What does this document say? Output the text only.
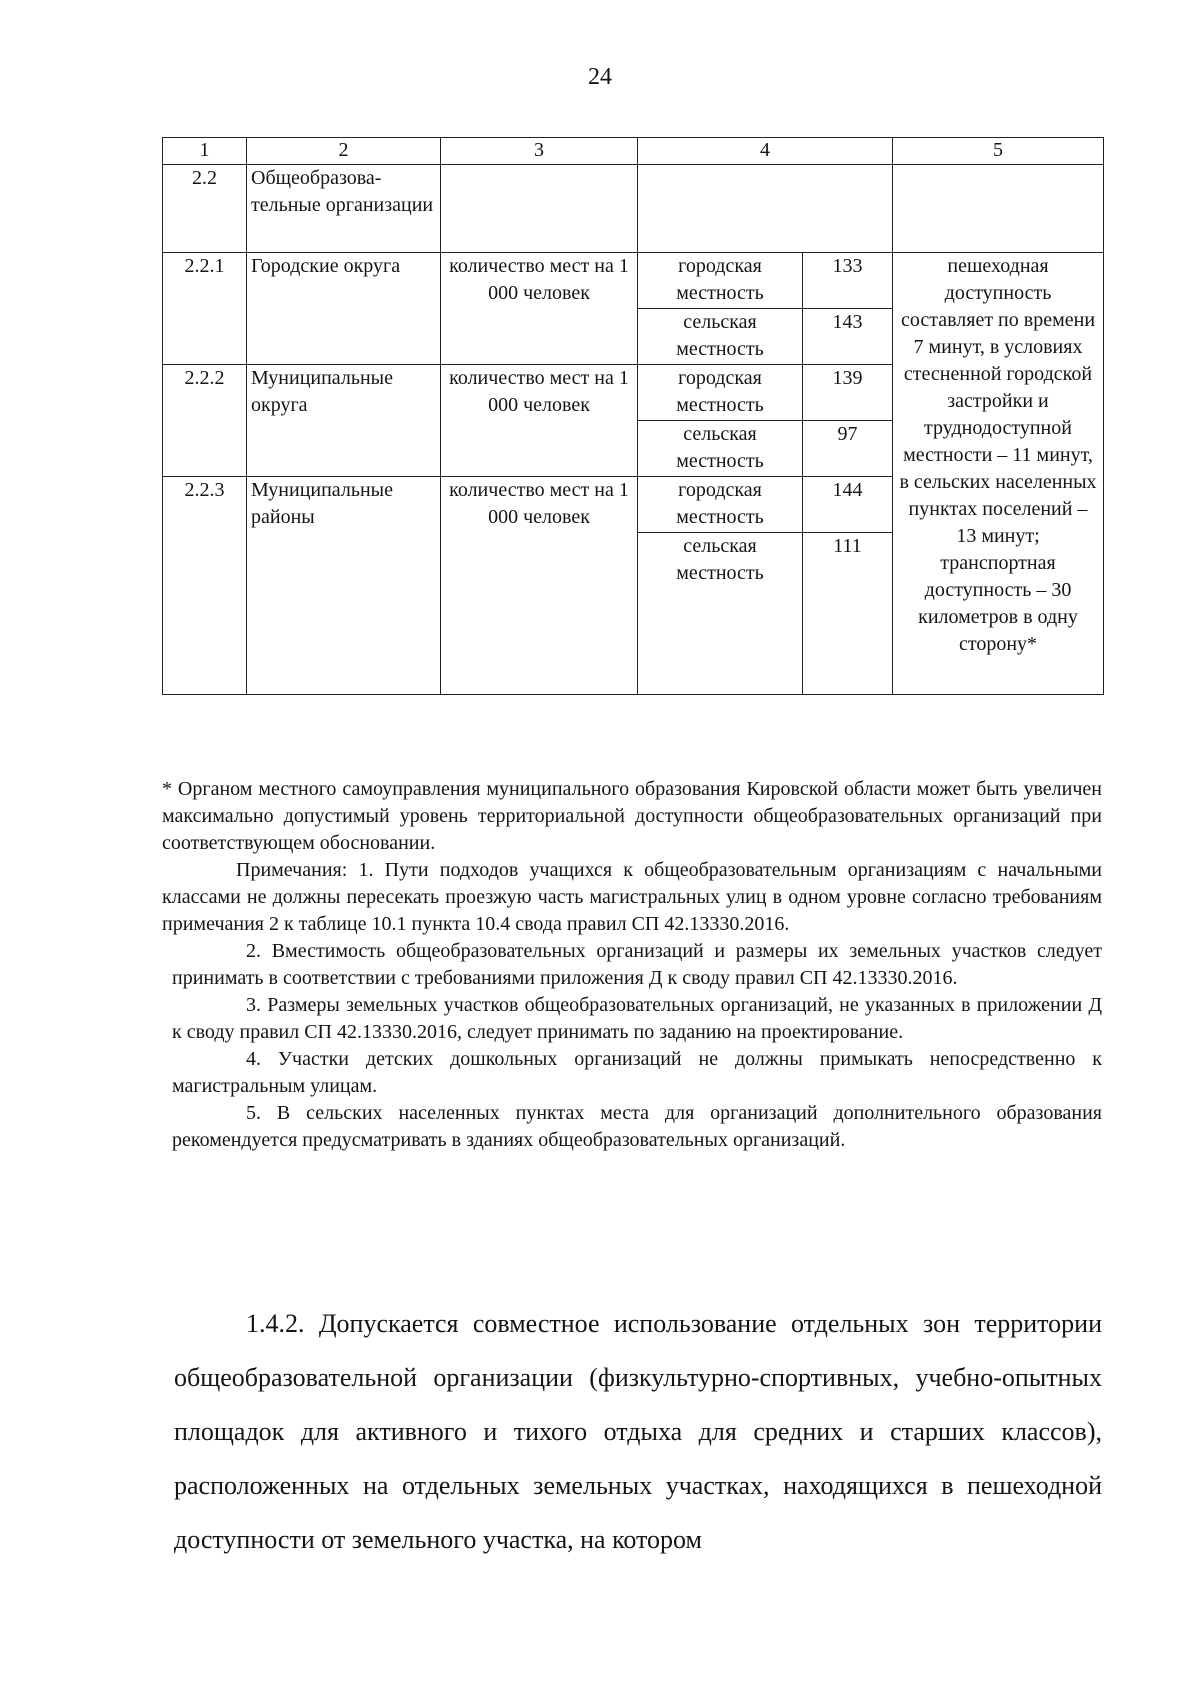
24
1	2	3	4		5
2.2	Общеобразова-тельные организации				
2.2.1	Городские округа	количество мест на 1 000 человек	городская местность	133	пешеходная доступность составляет по времени 7 минут, в условиях стесненной городской застройки и труднодоступной местности – 11 минут, в сельских населенных пунктах поселений – 13 минут; транспортная доступность – 30 километров в одну сторону*
			сельская местность	143	
2.2.2	Муниципальные округа	количество мест на 1 000 человек	городская местность	139	
			сельская местность	97	
2.2.3	Муниципальные районы	количество мест на 1 000 человек	городская местность	144	
			сельская местность	111	

* Органом местного самоуправления муниципального образования Кировской области может быть увеличен максимально допустимый уровень территориальной доступности общеобразовательных организаций при соответствующем обосновании.

Примечания: 1. Пути подходов учащихся к общеобразовательным организациям с начальными классами не должны пересекать проезжую часть магистральных улиц в одном уровне согласно требованиям примечания 2 к таблице 10.1 пункта 10.4 свода правил СП 42.13330.2016.

2. Вместимость общеобразовательных организаций и размеры их земельных участков следует принимать в соответствии с требованиями приложения Д к своду правил СП 42.13330.2016.

3. Размеры земельных участков общеобразовательных организаций, не указанных в приложении Д к своду правил СП 42.13330.2016, следует принимать по заданию на проектирование.

4. Участки детских дошкольных организаций не должны примыкать непосредственно к магистральным улицам.

5. В сельских населенных пунктах места для организаций дополнительного образования рекомендуется предусматривать в зданиях общеобразовательных организаций.

1.4.2. Допускается совместное использование отдельных зон территории общеобразовательной организации (физкультурно-спортивных, учебно-опытных площадок для активного и тихого отдыха для средних и старших классов), расположенных на отдельных земельных участках, находящихся в пешеходной доступности от земельного участка, на котором
